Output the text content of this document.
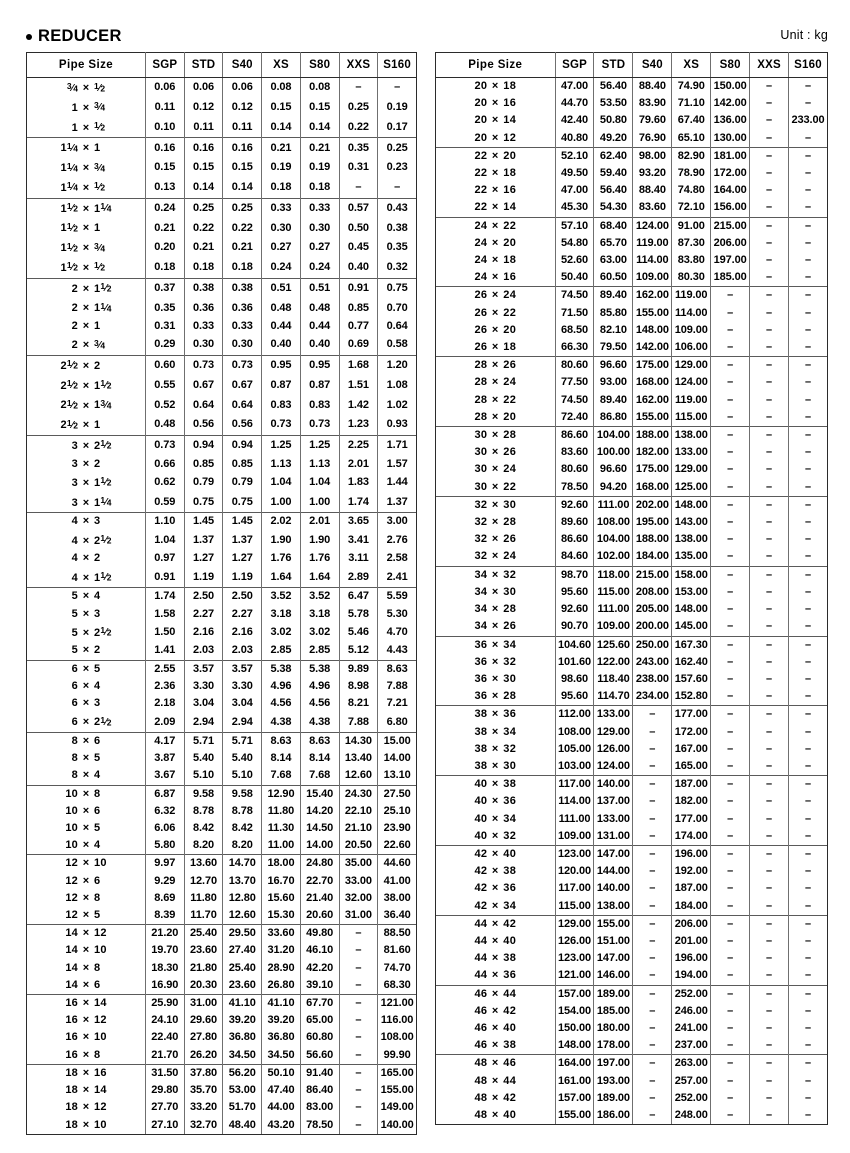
REDUCER	Unit : kg
Pipe Size	SGP	STD	S40	XS	S80	XXS	S160
$^3⁄_4$ × $^1⁄_2$	0.06	0.06	0.06	0.08	0.08	–	–
$1 \times ^3⁄_4$	0.11	0.12	0.12	0.15	0.15	0.25	0.19
$1 \times ^1⁄_2$	0.10	0.11	0.11	0.14	0.14	0.22	0.17
$1^1⁄_4 \times 1$	0.16	0.16	0.16	0.21	0.21	0.35	0.25
$1^1⁄_4$ × $^3⁄_4$	0.15	0.15	0.15	0.19	0.19	0.31	0.23
$1^1⁄_4$ × $^1⁄_2$	0.13	0.14	0.14	0.18	0.18	–	–
$1^1⁄_2$ × $1^1⁄_4$	0.24	0.25	0.25	0.33	0.33	0.57	0.43
$1^1⁄_2 \times 1$	0.21	0.22	0.22	0.30	0.30	0.50	0.38
$1^1⁄_2$ × $^3⁄_4$	0.20	0.21	0.21	0.27	0.27	0.45	0.35
$1^1⁄_2$ × $^1⁄_2$	0.18	0.18	0.18	0.24	0.24	0.40	0.32
$2 \times 1^1⁄_2$	0.37	0.38	0.38	0.51	0.51	0.91	0.75
$2 \times 1^1⁄_4$	0.35	0.36	0.36	0.48	0.48	0.85	0.70
2 × 1	0.31	0.33	0.33	0.44	0.44	0.77	0.64
$2 \times ^3⁄_4$	0.29	0.30	0.30	0.40	0.40	0.69	0.58
$2^1⁄_2 \times 2$	0.60	0.73	0.73	0.95	0.95	1.68	1.20
$2^1⁄_2$ × $1^1⁄_2$	0.55	0.67	0.67	0.87	0.87	1.51	1.08
$2^1⁄_2$ × $1^3⁄_4$	0.52	0.64	0.64	0.83	0.83	1.42	1.02
$2^1⁄_2 \times 1$	0.48	0.56	0.56	0.73	0.73	1.23	0.93
$3 \times 2^1⁄_2$	0.73	0.94	0.94	1.25	1.25	2.25	1.71
3 × 2	0.66	0.85	0.85	1.13	1.13	2.01	1.57
$3 \times 1^1⁄_2$	0.62	0.79	0.79	1.04	1.04	1.83	1.44
$3 \times 1^1⁄_4$	0.59	0.75	0.75	1.00	1.00	1.74	1.37
4 × 3	1.10	1.45	1.45	2.02	2.01	3.65	3.00
$4 \times 2^1⁄_2$	1.04	1.37	1.37	1.90	1.90	3.41	2.76
4 × 2	0.97	1.27	1.27	1.76	1.76	3.11	2.58
$4 \times 1^1⁄_2$	0.91	1.19	1.19	1.64	1.64	2.89	2.41
5 × 4	1.74	2.50	2.50	3.52	3.52	6.47	5.59
5 × 3	1.58	2.27	2.27	3.18	3.18	5.78	5.30
$5 \times 2^1⁄_2$	1.50	2.16	2.16	3.02	3.02	5.46	4.70
5 × 2	1.41	2.03	2.03	2.85	2.85	5.12	4.43
6 × 5	2.55	3.57	3.57	5.38	5.38	9.89	8.63
6 × 4	2.36	3.30	3.30	4.96	4.96	8.98	7.88
6 × 3	2.18	3.04	3.04	4.56	4.56	8.21	7.21
$6 \times 2^1⁄_2$	2.09	2.94	2.94	4.38	4.38	7.88	6.80
8 × 6	4.17	5.71	5.71	8.63	8.63	14.30	15.00
8 × 5	3.87	5.40	5.40	8.14	8.14	13.40	14.00
8 × 4	3.67	5.10	5.10	7.68	7.68	12.60	13.10
10 × 8	6.87	9.58	9.58	12.90	15.40	24.30	27.50
10 × 6	6.32	8.78	8.78	11.80	14.20	22.10	25.10
10 × 5	6.06	8.42	8.42	11.30	14.50	21.10	23.90
10 × 4	5.80	8.20	8.20	11.00	14.00	20.50	22.60
12 × 10	9.97	13.60	14.70	18.00	24.80	35.00	44.60
12 × 6	9.29	12.70	13.70	16.70	22.70	33.00	41.00
12 × 8	8.69	11.80	12.80	15.60	21.40	32.00	38.00
12 × 5	8.39	11.70	12.60	15.30	20.60	31.00	36.40
14 × 12	21.20	25.40	29.50	33.60	49.80	–	88.50
14 × 10	19.70	23.60	27.40	31.20	46.10	–	81.60
14 × 8	18.30	21.80	25.40	28.90	42.20	–	74.70
14 × 6	16.90	20.30	23.60	26.80	39.10	–	68.30
16 × 14	25.90	31.00	41.10	41.10	67.70	–	121.00
16 × 12	24.10	29.60	39.20	39.20	65.00	–	116.00
16 × 10	22.40	27.80	36.80	36.80	60.80	–	108.00
16 × 8	21.70	26.20	34.50	34.50	56.60	–	99.90
18 × 16	31.50	37.80	56.20	50.10	91.40	–	165.00
18 × 14	29.80	35.70	53.00	47.40	86.40	–	155.00
18 × 12	27.70	33.20	51.70	44.00	83.00	–	149.00
18 × 10	27.10	32.70	48.40	43.20	78.50	–	140.00
Pipe Size	SGP	STD	S40	XS	S80	XXS	S160
20 × 18	47.00	56.40	88.40	74.90	150.00	–	–
20 × 16	44.70	53.50	83.90	71.10	142.00	–	–
20 × 14	42.40	50.80	79.60	67.40	136.00	–	233.00
20 × 12	40.80	49.20	76.90	65.10	130.00	–	–
22 × 20	52.10	62.40	98.00	82.90	181.00	–	–
22 × 18	49.50	59.40	93.20	78.90	172.00	–	–
22 × 16	47.00	56.40	88.40	74.80	164.00	–	–
22 × 14	45.30	54.30	83.60	72.10	156.00	–	–
24 × 22	57.10	68.40	124.00	91.00	215.00	–	–
24 × 20	54.80	65.70	119.00	87.30	206.00	–	–
24 × 18	52.60	63.00	114.00	83.80	197.00	–	–
24 × 16	50.40	60.50	109.00	80.30	185.00	–	–
26 × 24	74.50	89.40	162.00	119.00	–	–	–
26 × 22	71.50	85.80	155.00	114.00	–	–	–
26 × 20	68.50	82.10	148.00	109.00	–	–	–
26 × 18	66.30	79.50	142.00	106.00	–	–	–
28 × 26	80.60	96.60	175.00	129.00	–	–	–
28 × 24	77.50	93.00	168.00	124.00	–	–	–
28 × 22	74.50	89.40	162.00	119.00	–	–	–
28 × 20	72.40	86.80	155.00	115.00	–	–	–
30 × 28	86.60	104.00	188.00	138.00	–	–	–
30 × 26	83.60	100.00	182.00	133.00	–	–	–
30 × 24	80.60	96.60	175.00	129.00	–	–	–
30 × 22	78.50	94.20	168.00	125.00	–	–	–
32 × 30	92.60	111.00	202.00	148.00	–	–	–
32 × 28	89.60	108.00	195.00	143.00	–	–	–
32 × 26	86.60	104.00	188.00	138.00	–	–	–
32 × 24	84.60	102.00	184.00	135.00	–	–	–
34 × 32	98.70	118.00	215.00	158.00	–	–	–
34 × 30	95.60	115.00	208.00	153.00	–	–	–
34 × 28	92.60	111.00	205.00	148.00	–	–	–
34 × 26	90.70	109.00	200.00	145.00	–	–	–
36 × 34	104.60	125.60	250.00	167.30	–	–	–
36 × 32	101.60	122.00	243.00	162.40	–	–	–
36 × 30	98.60	118.40	238.00	157.60	–	–	–
36 × 28	95.60	114.70	234.00	152.80	–	–	–
38 × 36	112.00	133.00	–	177.00	–	–	–
38 × 34	108.00	129.00	–	172.00	–	–	–
38 × 32	105.00	126.00	–	167.00	–	–	–
38 × 30	103.00	124.00	–	165.00	–	–	–
40 × 38	117.00	140.00	–	187.00	–	–	–
40 × 36	114.00	137.00	–	182.00	–	–	–
40 × 34	111.00	133.00	–	177.00	–	–	–
40 × 32	109.00	131.00	–	174.00	–	–	–
42 × 40	123.00	147.00	–	196.00	–	–	–
42 × 38	120.00	144.00	–	192.00	–	–	–
42 × 36	117.00	140.00	–	187.00	–	–	–
42 × 34	115.00	138.00	–	184.00	–	–	–
44 × 42	129.00	155.00	–	206.00	–	–	–
44 × 40	126.00	151.00	–	201.00	–	–	–
44 × 38	123.00	147.00	–	196.00	–	–	–
44 × 36	121.00	146.00	–	194.00	–	–	–
46 × 44	157.00	189.00	–	252.00	–	–	–
46 × 42	154.00	185.00	–	246.00	–	–	–
46 × 40	150.00	180.00	–	241.00	–	–	–
46 × 38	148.00	178.00	–	237.00	–	–	–
48 × 46	164.00	197.00	–	263.00	–	–	–
48 × 44	161.00	193.00	–	257.00	–	–	–
48 × 42	157.00	189.00	–	252.00	–	–	–
48 × 40	155.00	186.00	–	248.00	–	–	–
